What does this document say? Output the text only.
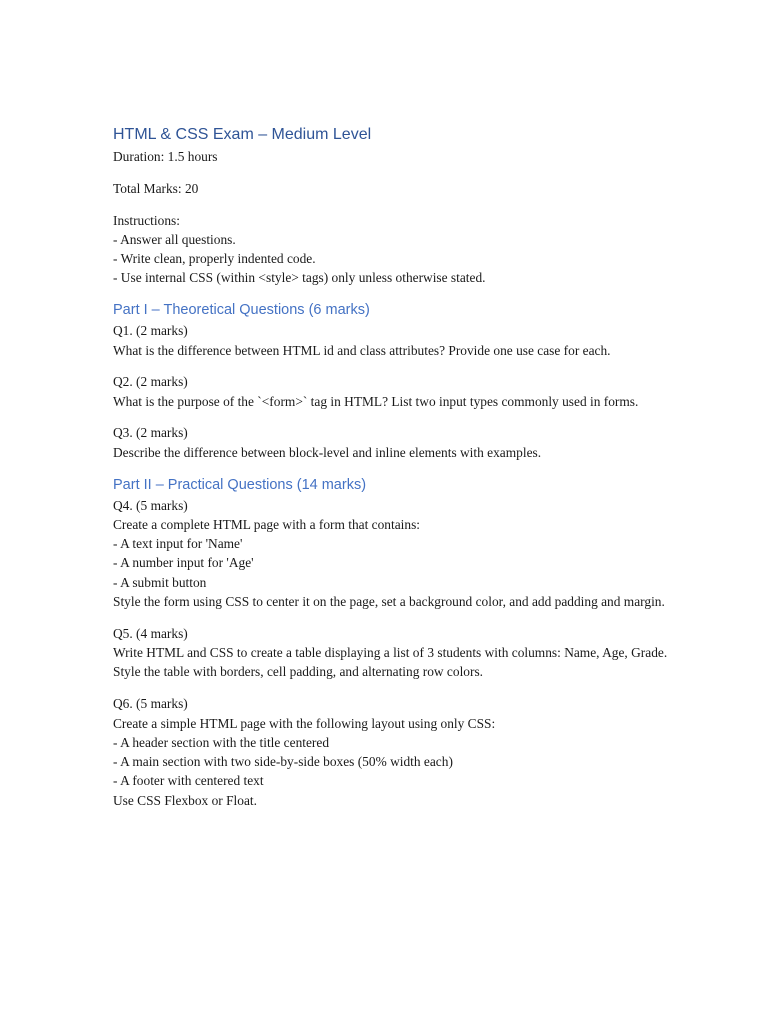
HTML & CSS Exam – Medium Level

Duration: 1.5 hours

Total Marks: 20

Instructions:
- Answer all questions.
- Write clean, properly indented code.
- Use internal CSS (within <style> tags) only unless otherwise stated.

Part I – Theoretical Questions (6 marks)

Q1. (2 marks)
What is the difference between HTML id and class attributes? Provide one use case for each.

Q2. (2 marks)
What is the purpose of the `<form>` tag in HTML? List two input types commonly used in forms.

Q3. (2 marks)
Describe the difference between block-level and inline elements with examples.

Part II – Practical Questions (14 marks)

Q4. (5 marks)
Create a complete HTML page with a form that contains:
- A text input for 'Name'
- A number input for 'Age'
- A submit button
Style the form using CSS to center it on the page, set a background color, and add padding and margin.

Q5. (4 marks)
Write HTML and CSS to create a table displaying a list of 3 students with columns: Name, Age, Grade.
Style the table with borders, cell padding, and alternating row colors.

Q6. (5 marks)
Create a simple HTML page with the following layout using only CSS:
- A header section with the title centered
- A main section with two side-by-side boxes (50% width each)
- A footer with centered text
Use CSS Flexbox or Float.
